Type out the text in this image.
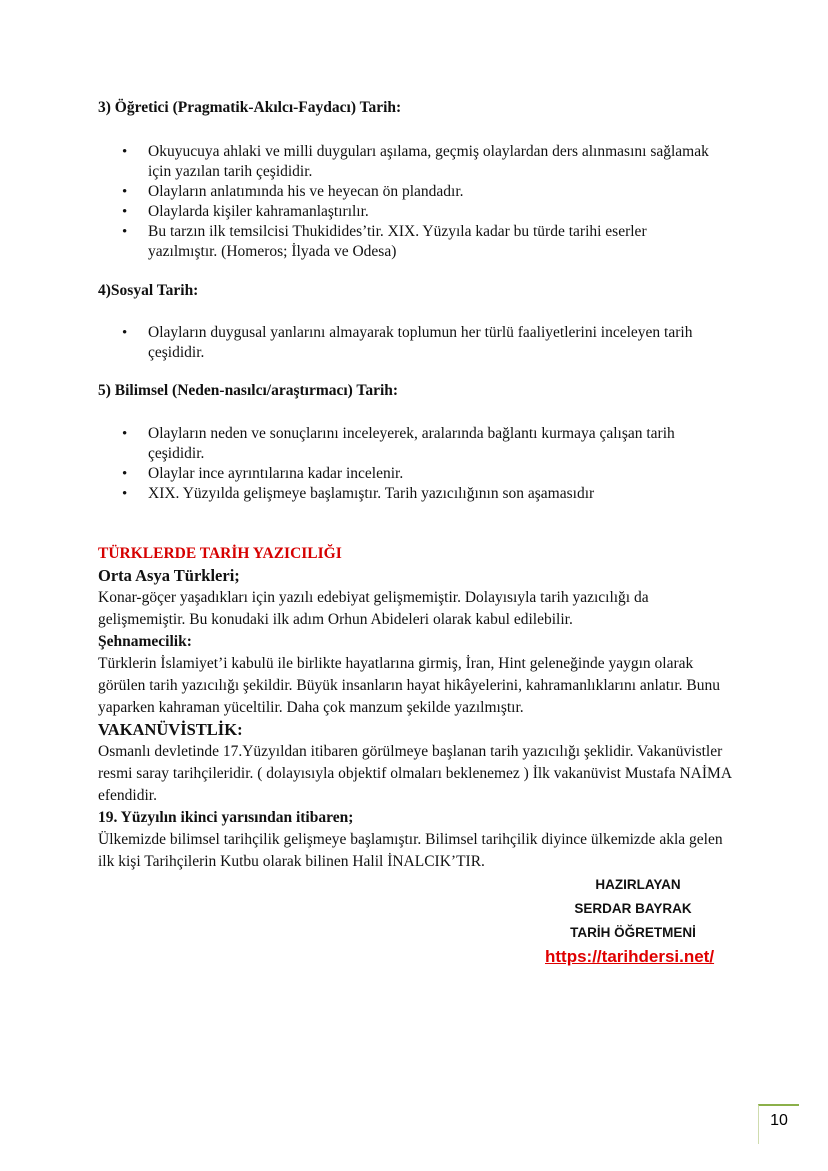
3) Öğretici (Pragmatik-Akılcı-Faydacı) Tarih:
• Okuyucuya ahlaki ve milli duyguları aşılama, geçmiş olaylardan ders alınmasını sağlamak için yazılan tarih çeşididir.
• Olayların anlatımında his ve heyecan ön plandadır.
• Olaylarda kişiler kahramanlaştırılır.
• Bu tarzın ilk temsilcisi Thukidides’tir. XIX. Yüzyıla kadar bu türde tarihi eserler yazılmıştır. (Homeros; İlyada ve Odesa)
4)Sosyal Tarih:
• Olayların duygusal yanlarını almayarak toplumun her türlü faaliyetlerini inceleyen tarih çeşididir.
5) Bilimsel (Neden-nasılcı/araştırmacı) Tarih:
• Olayların neden ve sonuçlarını inceleyerek, aralarında bağlantı kurmaya çalışan tarih çeşididir.
• Olaylar ince ayrıntılarına kadar incelenir.
• XIX. Yüzyılda gelişmeye başlamıştır. Tarih yazıcılığının son aşamasıdır
TÜRKLERDE TARİH YAZICILIĞI
Orta Asya Türkleri;
Konar-göçer yaşadıkları için yazılı edebiyat gelişmemiştir. Dolayısıyla tarih yazıcılığı da gelişmemiştir. Bu konudaki ilk adım Orhun Abideleri olarak kabul edilebilir.
Şehnamecilik:
Türklerin İslamiyet’i kabulü ile birlikte hayatlarına girmiş, İran, Hint geleneğinde yaygın olarak görülen tarih yazıcılığı şekildir. Büyük insanların hayat hikâyelerini, kahramanlıklarını anlatır. Bunu yaparken kahraman yüceltilir. Daha çok manzum şekilde yazılmıştır.
VAKANÜVİSTLİK:
Osmanlı devletinde 17.Yüzyıldan itibaren görülmeye başlanan tarih yazıcılığı şeklidir. Vakanüvistler resmi saray tarihçileridir. ( dolayısıyla objektif olmaları beklenemez ) İlk vakanüvist Mustafa NAİMA efendidir.
19. Yüzyılın ikinci yarısından itibaren;
Ülkemizde bilimsel tarihçilik gelişmeye başlamıştır. Bilimsel tarihçilik diyince ülkemizde akla gelen ilk kişi Tarihçilerin Kutbu olarak bilinen Halil İNALCIK’TIR.
HAZIRLAYAN
SERDAR BAYRAK
TARİH ÖĞRETMENİ
https://tarihdersi.net/
10
